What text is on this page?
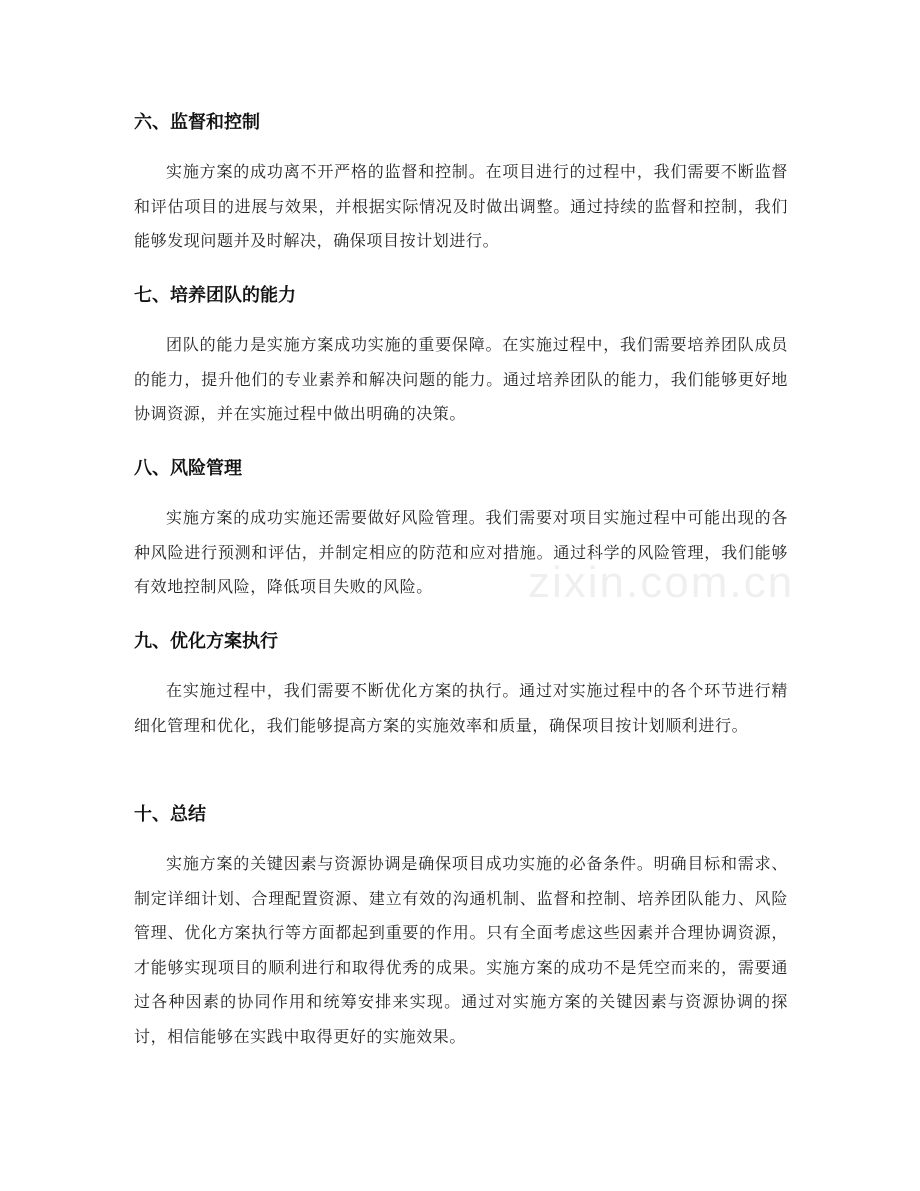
六、监督和控制

实施方案的成功离不开严格的监督和控制。在项目进行的过程中，我们需要不断监督和评估项目的进展与效果，并根据实际情况及时做出调整。通过持续的监督和控制，我们能够发现问题并及时解决，确保项目按计划进行。

七、培养团队的能力

团队的能力是实施方案成功实施的重要保障。在实施过程中，我们需要培养团队成员的能力，提升他们的专业素养和解决问题的能力。通过培养团队的能力，我们能够更好地协调资源，并在实施过程中做出明确的决策。

八、风险管理

实施方案的成功实施还需要做好风险管理。我们需要对项目实施过程中可能出现的各种风险进行预测和评估，并制定相应的防范和应对措施。通过科学的风险管理，我们能够有效地控制风险，降低项目失败的风险。

九、优化方案执行

在实施过程中，我们需要不断优化方案的执行。通过对实施过程中的各个环节进行精细化管理和优化，我们能够提高方案的实施效率和质量，确保项目按计划顺利进行。

十、总结

实施方案的关键因素与资源协调是确保项目成功实施的必备条件。明确目标和需求、制定详细计划、合理配置资源、建立有效的沟通机制、监督和控制、培养团队能力、风险管理、优化方案执行等方面都起到重要的作用。只有全面考虑这些因素并合理协调资源，才能够实现项目的顺利进行和取得优秀的成果。实施方案的成功不是凭空而来的，需要通过各种因素的协同作用和统筹安排来实现。通过对实施方案的关键因素与资源协调的探讨，相信能够在实践中取得更好的实施效果。

zixin.com.cn
